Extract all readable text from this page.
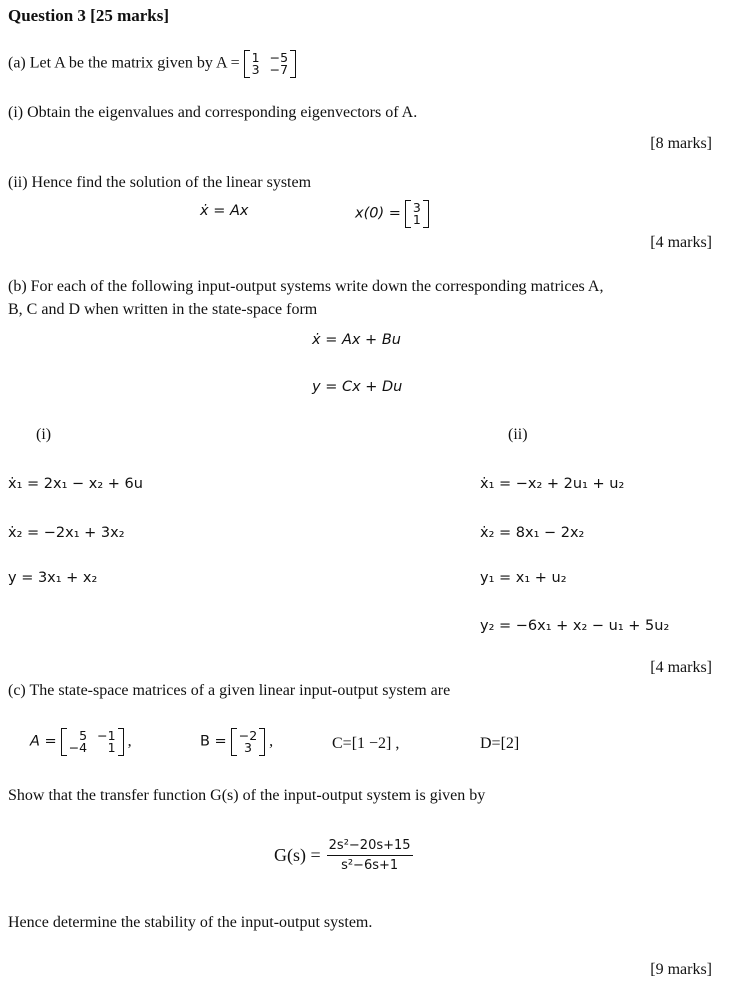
Question 3 [25 marks]
(a) Let A be the matrix given by A = 1 −5
3 −7
(i) Obtain the eigenvalues and corresponding eigenvectors of A.
[8 marks]
(ii) Hence find the solution of the linear system
ẋ = Ax	x(0) = 3
1
[4 marks]
(b) For each of the following input-output systems write down the corresponding matrices A,
B, C and D when written in the state-space form
ẋ = Ax + Bu
y = Cx + Du
(i)	(ii)
ẋ₁ = 2x₁ − x₂ + 6u
ẋ₂ = −2x₁ + 3x₂
y = 3x₁ + x₂
ẋ₁ = −x₂ + 2u₁ + u₂
ẋ₂ = 8x₁ − 2x₂
y₁ = x₁ + u₂
y₂ = −6x₁ + x₂ − u₁ + 5u₂
[4 marks]
(c) The state-space matrices of a given linear input-output system are
A =	5 −1
−4	1 ,	B = −2
3	,	C=[1 −2] ,	D=[2]
Show that the transfer function G(s) of the input-output system is given by
$G(s) = \frac{\text{2s²−20s+15}}{\text{s²−6s+1}}$
Hence determine the stability of the input-output system.
[9 marks]
